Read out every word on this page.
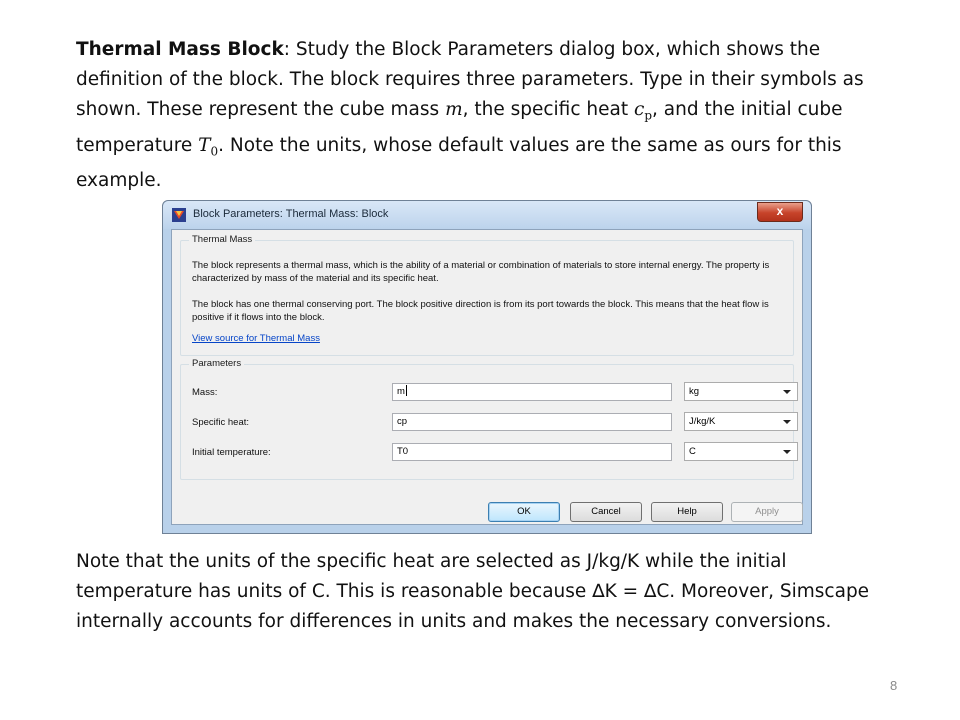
Thermal Mass Block: Study the Block Parameters dialog box, which shows the definition of the block. The block requires three parameters. Type in their symbols as shown. These represent the cube mass m, the specific heat $c_p$, and the initial cube temperature $T_0$. Note the units, whose default values are the same as ours for this example.
Block Parameters: Thermal Mass: Block	x
Thermal Mass
The block represents a thermal mass, which is the ability of a material or combination of materials to store internal energy. The property is characterized by mass of the material and its specific heat.
The block has one thermal conserving port. The block positive direction is from its port towards the block. This means that the heat flow is positive if it flows into the block.
View source for Thermal Mass
Parameters
Mass:	m	kg
Specific heat:	cp	J/kg/K
Initial temperature:	T0	C
OK	Cancel	Help	Apply
Note that the units of the specific heat are selected as J/kg/K while the initial temperature has units of C. This is reasonable because ∆K = ∆C. Moreover, Simscape internally accounts for differences in units and makes the necessary conversions.
8
